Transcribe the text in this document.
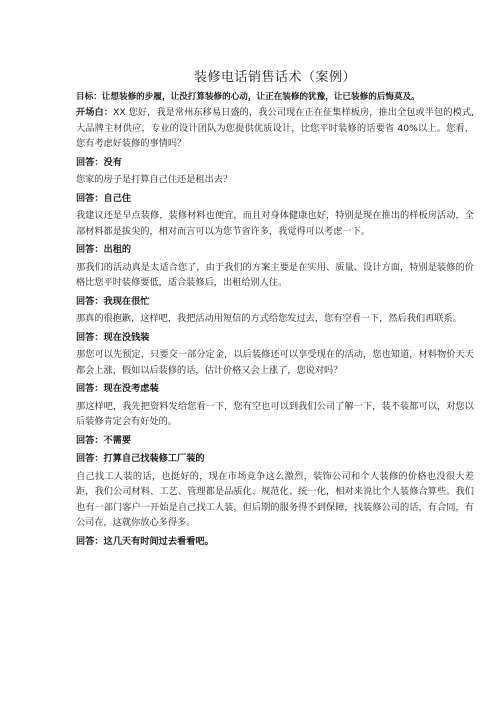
装修电话销售话术（案例）

目标：让想装修的步履，让没打算装修的心动，让正在装修的犹豫，让已装修的后悔莫及。

开场白：XX 您好，我是常州东移易日盛的，我公司现在正在征集样板房，推出全包或半包的模式,大品牌主材供应，专业的设计团队为您提供优质设计，比您平时装修的话要省 40%以上。您看，您有考虑好装修的事情吗？

回答：没有

您家的房子是打算自己住还是租出去？

回答：自己住

我建议还是早点装修，装修材料也便宜，而且对身体健康也好，特别是现在推出的样板房活动，全部材料都是拔尖的，相对而言可以为您节省许多，我觉得可以考虑一下。

回答：出租的

那我们的活动真是太适合您了，由于我们的方案主要是在实用、质量、设计方面，特别是装修的价格比您平时装修要低，适合装修后，出租给别人住。

回答：我现在很忙

那真的很抱歉，这样吧，我把活动用短信的方式给您发过去，您有空看一下，然后我们再联系。

回答：现在没钱装

那您可以先预定，只要交一部分定金，以后装修还可以享受现在的活动，您也知道，材料物价天天都会上涨，假如以后装修的话，估计价格又会上涨了，您说对吗？

回答：现在没考虑装

那这样吧，我先把资料发给您看一下，您有空也可以到我们公司了解一下，装不装都可以，对您以后装修肯定会有好处的。

回答：不需要
回答：打算自己找装修工厂装的

自己找工人装的话，也挺好的，现在市场竞争这么激烈，装饰公司和个人装修的价格也没很大差距，我们公司材料、工艺、管理都是品质化、规范化、统一化，相对来说比个人装修合算些。我们也有一部门客户一开始是自己找工人装，但后期的服务得不到保障，找装修公司的话，有合同，有公司在，这就你放心多得多。

回答：这几天有时间过去看看吧。
